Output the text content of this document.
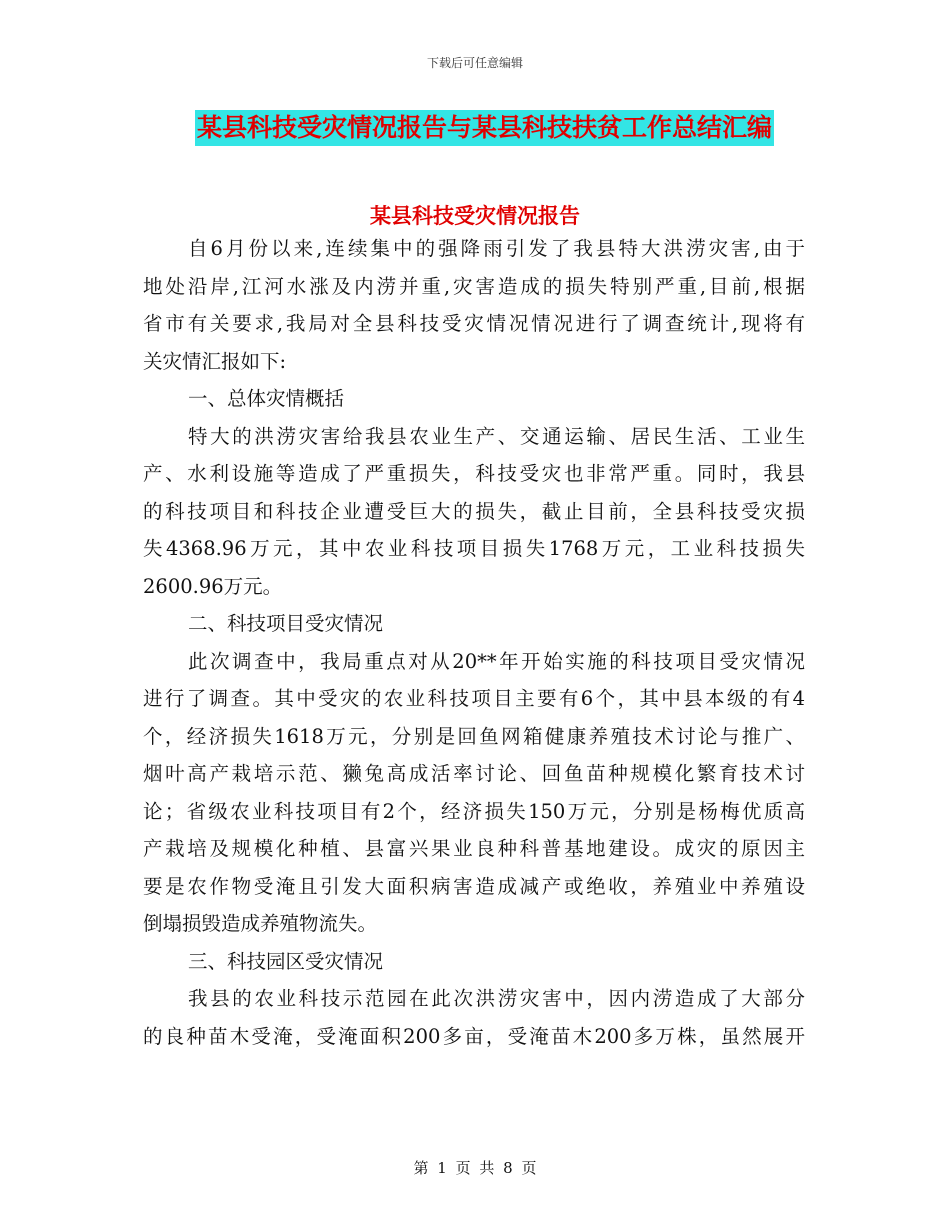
下载后可任意编辑
某县科技受灾情况报告与某县科技扶贫工作总结汇编
某县科技受灾情况报告
自6月份以来,连续集中的强降雨引发了我县特大洪涝灾害,由于
地处沿岸,江河水涨及内涝并重,灾害造成的损失特别严重,目前,根据
省市有关要求,我局对全县科技受灾情况情况进行了调查统计,现将有
关灾情汇报如下:
一、总体灾情概括
特大的洪涝灾害给我县农业生产、交通运输、居民生活、工业生
产、水利设施等造成了严重损失，科技受灾也非常严重。同时，我县
的科技项目和科技企业遭受巨大的损失，截止目前，全县科技受灾损
失4368.96万元，其中农业科技项目损失1768万元，工业科技损失
2600.96万元。
二、科技项目受灾情况
此次调查中，我局重点对从20**年开始实施的科技项目受灾情况
进行了调查。其中受灾的农业科技项目主要有6个，其中县本级的有4
个，经济损失1618万元，分别是回鱼网箱健康养殖技术讨论与推广、
烟叶高产栽培示范、獭兔高成活率讨论、回鱼苗种规模化繁育技术讨
论；省级农业科技项目有2个，经济损失150万元，分别是杨梅优质高
产栽培及规模化种植、县富兴果业良种科普基地建设。成灾的原因主
要是农作物受淹且引发大面积病害造成减产或绝收，养殖业中养殖设
倒塌损毁造成养殖物流失。
三、科技园区受灾情况
我县的农业科技示范园在此次洪涝灾害中，因内涝造成了大部分
的良种苗木受淹，受淹面积200多亩，受淹苗木200多万株，虽然展开
第 1 页 共 8 页
